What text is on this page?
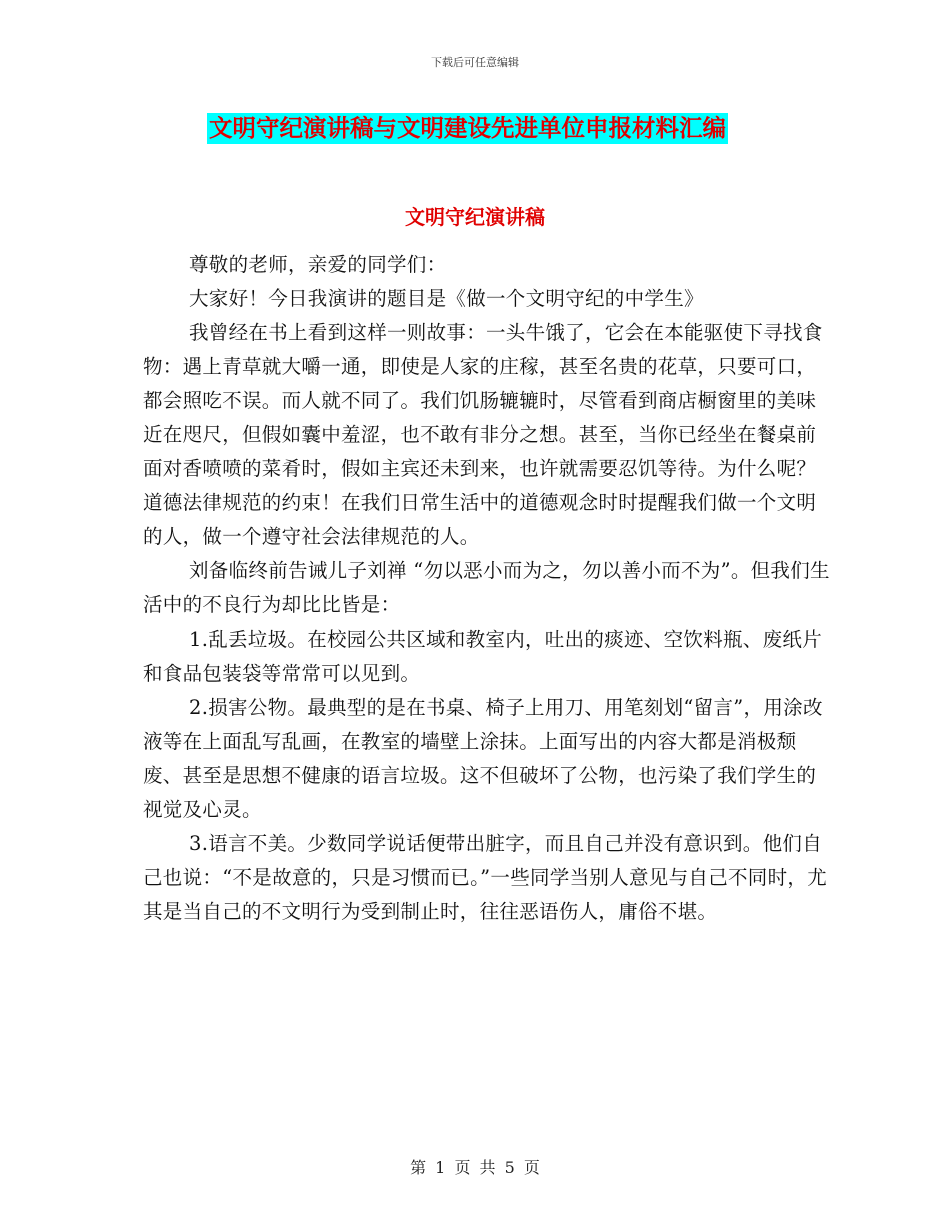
下载后可任意编辑
文明守纪演讲稿与文明建设先进单位申报材料汇编
文明守纪演讲稿

尊敬的老师，亲爱的同学们：

大家好！今日我演讲的题目是《做一个文明守纪的中学生》

我曾经在书上看到这样一则故事：一头牛饿了，它会在本能驱使下寻找食物：遇上青草就大嚼一通，即使是人家的庄稼，甚至名贵的花草，只要可口，都会照吃不误。而人就不同了。我们饥肠辘辘时，尽管看到商店橱窗里的美味近在咫尺，但假如囊中羞涩，也不敢有非分之想。甚至，当你已经坐在餐桌前面对香喷喷的菜肴时，假如主宾还未到来，也许就需要忍饥等待。为什么呢？道德法律规范的约束！在我们日常生活中的道德观念时时提醒我们做一个文明的人，做一个遵守社会法律规范的人。

刘备临终前告诫儿子刘禅 “勿以恶小而为之，勿以善小而不为”。但我们生活中的不良行为却比比皆是：

1.乱丢垃圾。在校园公共区域和教室内，吐出的痰迹、空饮料瓶、废纸片和食品包装袋等常常可以见到。

2.损害公物。最典型的是在书桌、椅子上用刀、用笔刻划“留言”，用涂改液等在上面乱写乱画，在教室的墙壁上涂抹。上面写出的内容大都是消极颓废、甚至是思想不健康的语言垃圾。这不但破坏了公物，也污染了我们学生的视觉及心灵。

3.语言不美。少数同学说话便带出脏字，而且自己并没有意识到。他们自己也说：“不是故意的，只是习惯而已。”一些同学当别人意见与自己不同时，尤其是当自己的不文明行为受到制止时，往往恶语伤人，庸俗不堪。

第 1 页 共 5 页
